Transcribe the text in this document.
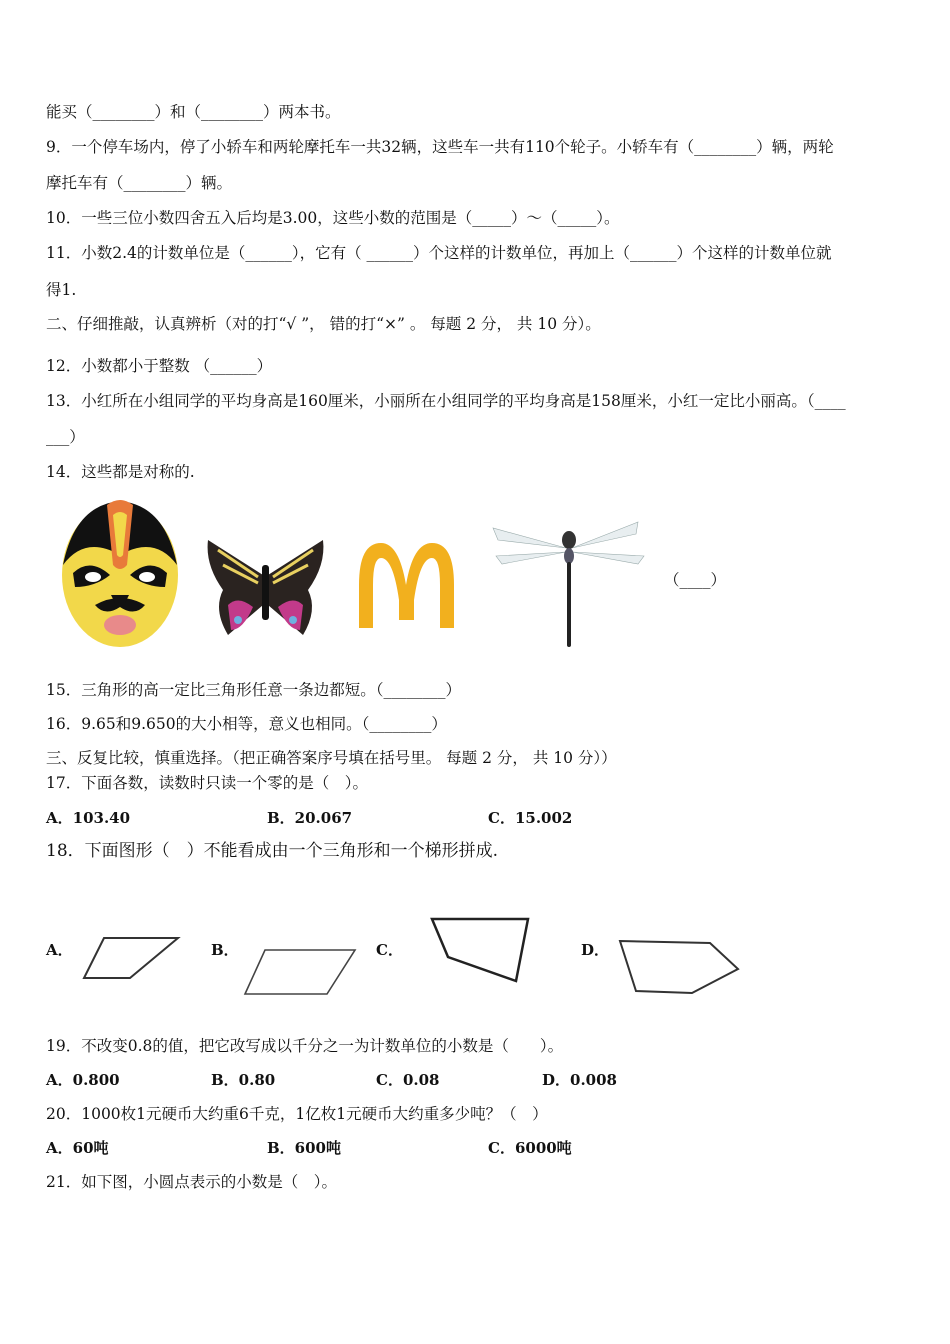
能买（________）和（________）两本书。
9．一个停车场内，停了小轿车和两轮摩托车一共32辆，这些车一共有110个轮子。小轿车有（________）辆，两轮
摩托车有（________）辆。
10．一些三位小数四舍五入后均是3.00，这些小数的范围是（_____）～（_____）。
11．小数2.4的计数单位是（______），它有（ ______）个这样的计数单位，再加上（______）个这样的计数单位就
得1.
二、仔细推敲，认真辨析（对的打“√ ”， 错的打“×” 。 每题 2 分， 共 10 分）。
12．小数都小于整数 （______）
13．小红所在小组同学的平均身高是160厘米，小丽所在小组同学的平均身高是158厘米，小红一定比小丽高。（____
___）
14．这些都是对称的.
（____）
15．三角形的高一定比三角形任意一条边都短。（________）
16．9.65和9.650的大小相等，意义也相同。（________）
三、反复比较，慎重选择。（把正确答案序号填在括号里。 每题 2 分， 共 10 分））
17．下面各数，读数时只读一个零的是（　）。
A．103.40	B．20.067	C．15.002
18．下面图形（　）不能看成由一个三角形和一个梯形拼成.
A．	B．	C．	D．
19．不改变0.8的值，把它改写成以千分之一为计数单位的小数是（　　）。
A．0.800	B．0.80	C．0.08	D．0.008
20．1000枚1元硬币大约重6千克，1亿枚1元硬币大约重多少吨？（　）
A．60吨	B．600吨	C．6000吨
21．如下图，小圆点表示的小数是（　）。
